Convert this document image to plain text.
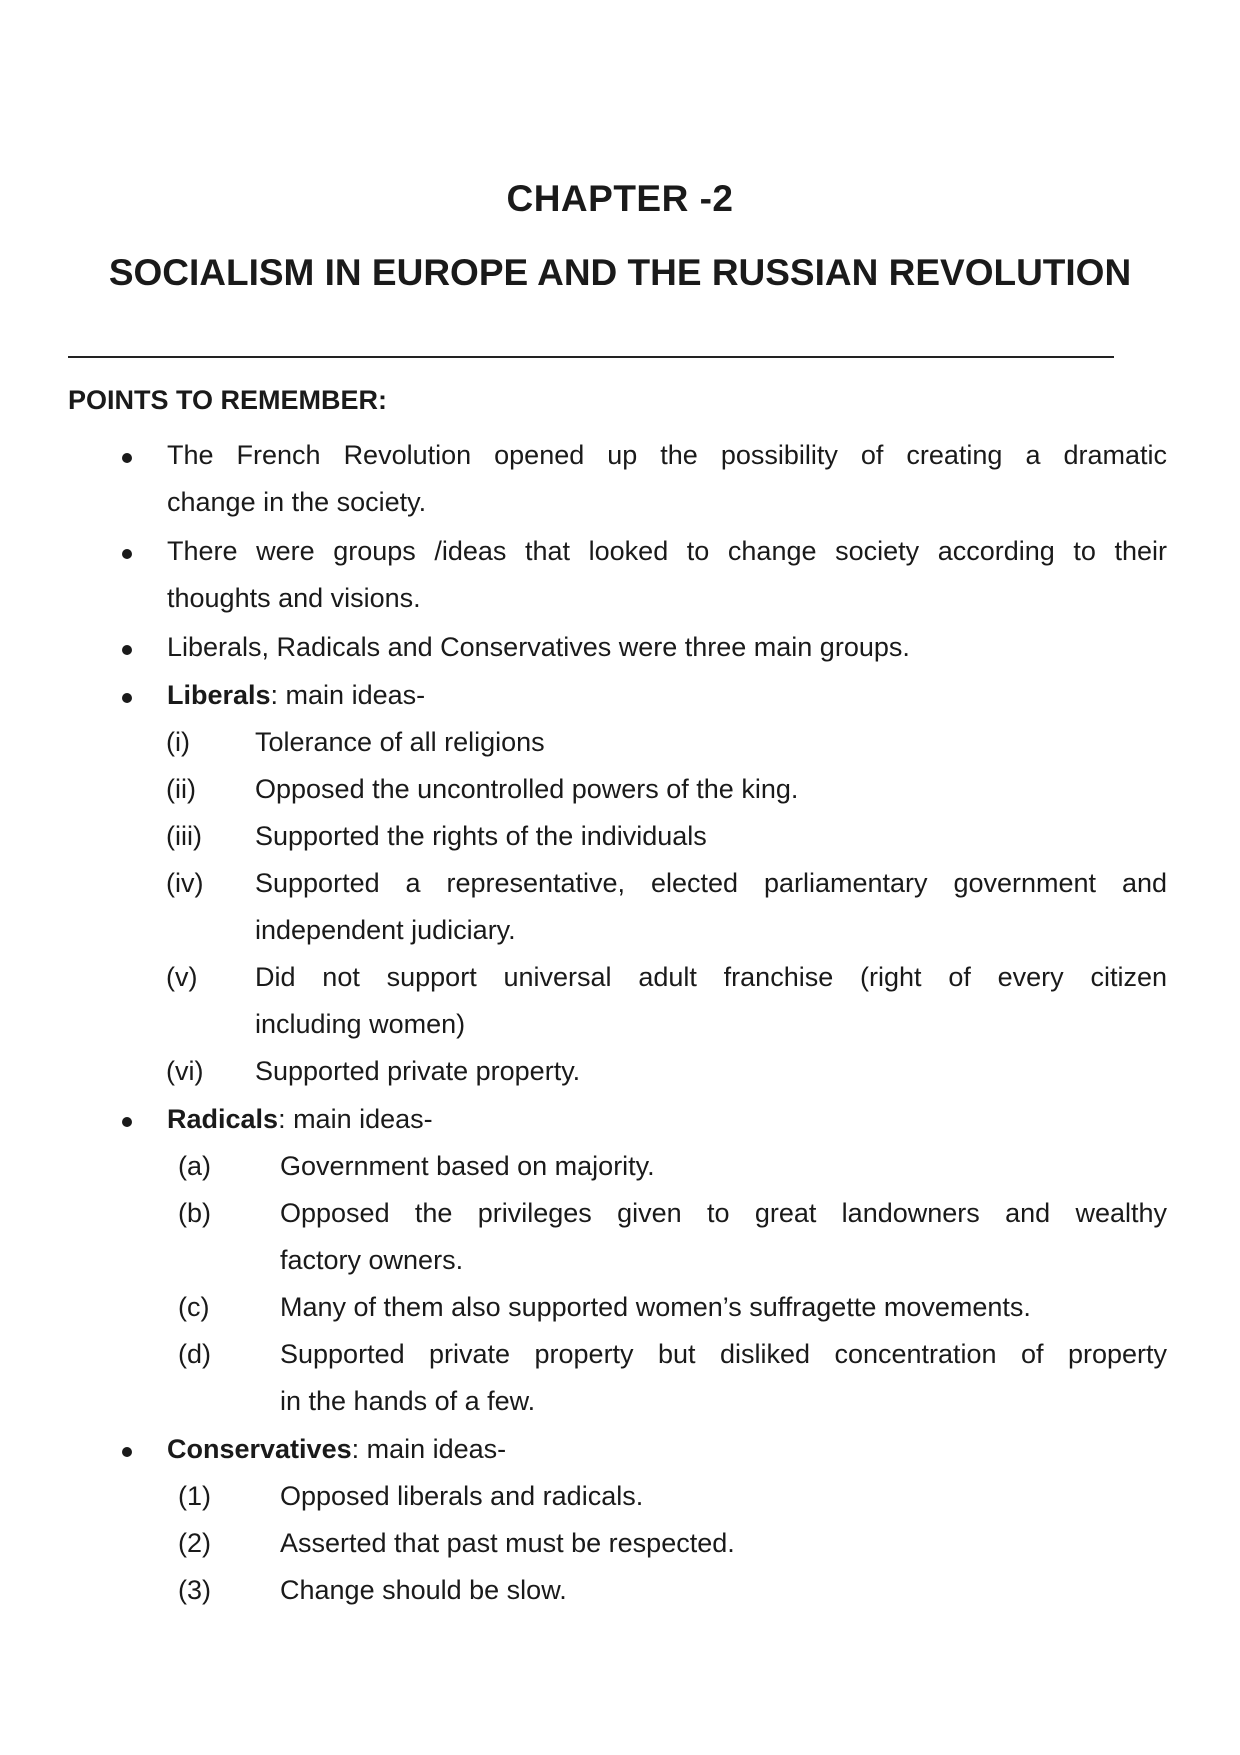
CHAPTER -2
SOCIALISM IN EUROPE AND THE RUSSIAN REVOLUTION
POINTS TO REMEMBER:
The French Revolution opened up the possibility of creating a dramatic
change in the society.
There were groups /ideas that looked to change society according to their
thoughts and visions.
Liberals, Radicals and Conservatives were three main groups.
Liberals: main ideas-
(i) Tolerance of all religions
(ii) Opposed the uncontrolled powers of the king.
(iii) Supported the rights of the individuals
(iv) Supported a representative, elected parliamentary government and
independent judiciary.
(v) Did not support universal adult franchise (right of every citizen
including women)
(vi) Supported private property.
Radicals: main ideas-
(a)	Government based on majority.
(b)	Opposed the privileges given to great landowners and wealthy
factory owners.
(c)	Many of them also supported women’s suffragette movements.
(d)	Supported private property but disliked concentration of property
in the hands of a few.
Conservatives: main ideas-
(1)	Opposed liberals and radicals.
(2)	Asserted that past must be respected.
(3)	Change should be slow.
